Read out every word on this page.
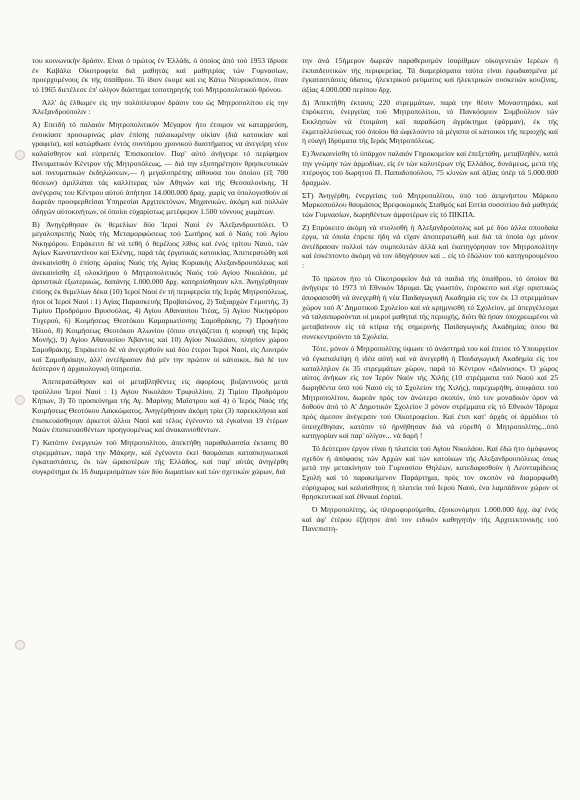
του κοινωνικήν δράσιν. Είναι ό πρώτος έν Έλλάδι, ό όποίος άπό τού 1953 ϊδρυσε έν Καβάλα Οίκοτροφεία διά μαθητάς καί μαθητρίας τών Γυμνασίων, προερχομένους έκ τής ύπαίθρου. Τό ίδιον έκομε καί εις Κάτω Νευροκόπιον, όταν τό 1965 διετέλεσε έπ' ολίγον διάστημα τοποτηρητής τού Μητροπολιτικού θρόνου.

Άλλ' άς έλθωμεν είς την πολύπλευρον δράσιν του ώς Μητροπολίτου είς την Άλεξανδρούπολιν :

Α) Επειδή τό παλαιόν Μητροπολιτικόν Μέγαρον ήτο έτοιμον να καταρρεύση, ένοικίασε προσωρινώς μίαν έπίσης παλαιωμένην οίκίαν (διά κατοικίαν καί γραφεία), καί κατώρθωσε έντός συντόμου χρονικού διαστήματος να άνεγείρη νέον καλαίσθητον καί εύπρεπές Έπισκοπείον. Παρ' αύτό άνήγειρε τό περίφημον Πνευματικόν Κέντρον τής Μητροπόλεως, — διά την εξυπηρέτησιν θρησκευτικών καί πνευματικών έκδηλώσεων,— ή μεγαλοπρέπης αίθουσα του όποίου (έξ 700 θέσεων) άμιλλάται τάς καλλίτερας τών Αθηνών καί τής Θεσσαλονίκης. Ή άνέγερσις του Κέντρου αύτού άπήτησε 14.000.000 δραχ. χωρίς να ύπολογισθούν αί δωρεάν προσφερθείσαι Υπηρεσίαι Αρχιτεκτόνων, Μηχανικών, άκόμη καί πολλών όδηγών αύτοκινήτων, οί όποίοι εύχαρίστως μετέφερον 1.500 τόννους χωμάτων.

Β) Άνηγέρθησαν έκ θεμελίων δύο Ίεροί Ναοί έν Άλεξανδρουπόλει. Ό μεγαλοπρεπής Ναός τής Μεταμορφώσεως τού Σωτήρος καί ό Ναός τού Αγίου Νικηφόρου. Επράκειτο δέ νά τεθή ό θεμέλιος λίθος καί ένός τρίτου Ναού, τών Αγίων Κωνσταντίνου καί Ελένης, παρά τάς έργατικάς κατοικίας. Άπεπερατώθη καί άνεκαινίσθη ό έπίσης ώραίος Ναός τής Αγίας Κυριακής Αλεξανδρουπόλεως καί άνεκαινίσθη έξ ολοκλήρου ό Μητροπολιτικός Ναός τού Αγίου Νικολάου, μέ άρτιστικά έξωτερικώς, δαπάνης 1.000.000 δρχ. κατηρτίσθησαν κλπ. Άνηγέρθησαν έπίσης έκ θεμελίων δέκα (10) Ίεροί Ναοί έν τή περιφερεία τής Ιεράς Μητροπόλεως, ήτοι οί Ίεροί Ναοί : 1) Αγίας Παρασκευής Προβατώνος, 2) Ταξιαρχών Γεμιστής, 3) Τιμίου Προδρόμου Βρυσούλας, 4) Αγίου Αθανασίου Ίτέας, 5) Αγίου Νικηφόρου Τυχερού, 6) Κοιμήσεως Θεοτόκου Καμαριωτίσσης Σαμοθράκης, 7) Προφήτου Ήλιού, 8) Κοιμήσεως Θεοτόκου Αλωνίου (όπου στεγάζεται ή κορυφή της Ιεράς Μονής), 9) Αγίου Αθανασίου Άβαντος καί 10) Αγίου Νικολάου, πλησίον χώρου Σαμοθράκης. Επράκειτο δέ νά άνεγερθούν καί δύο έτεροι Ίεροί Ναοί, είς Λουτρόν καί Σαμοθράκην, άλλ' άντέδρασαν διά μέν την πρώτον οί κάτοικοι, διά δέ τον δεύτερον ή άρχαιολογική ύπηρεσία.

Άπεπερατώθησαν καί οί μεταβληθέντες είς άφορίους βυζαντινούς μετά τρούλλου Ίεροί Ναοί : 1) Αγίου Νικολάου Τριφυλλίου, 2) Τιμίου Προδρόμου Κήπων, 3) Τό προσκύνημα τής Αγ. Μαρίνης Μαΐστρου καί 4) ό Ίερός Ναός τής Κοιμήσεως Θεοτόκου Λακκώματος. Άνηγέρθησαν άκόμη τρία (3) παρεκκλήσια καί έπισκευάσθησαν άρκετοί άλλοι Ναοί καί τέλος έγένοντο τά έγκαίνια 19 έτέρων Ναών έπισκευασθέντων προηγουμένως καί άνακαινισθέντων.

Γ) Κατόπιν ένεργειών τού Μητροπολίτου, άπεκτήθη παραθαλασσία έκτασις 80 στρεμμάτων, παρά την Μάκρην, καί έγένοντο έκεί θαυμάσιαι κατασκηνωτικαί έγκαταστάσεις, έκ τών ώραιοτέρων τής Ελλάδος, καί παρ' αύτάς άνηγέρθη συγκρότημα έκ 16 διαμερισμάτων τών δύο δωματίων καί τών σχετικών χώρων, διά

την άνά 15ήμερον δωρεάν παραθερισμόν ίσαρίθμων οίκογενειών Ιερέων ή έκπαιδευτικών τής περιφερείας. Τά διαμερίσματα ταύτα είναι έφωδιασμένα μέ έγκαταστάσεις ύδατος, ήλεκτρικού ρεύματος καί ήλεκτρικών συσκευών κουζίνας, άξίας 4.000.000 περίπου δρχ.

Δ) Άπεκτήθη έκτασις 220 στρεμμάτων, παρά την θέσιν Μοναστηράκι, καί έπρόκειτο, ένεργείας τού Μητροπολίτου, τό Πανκόσμιον Συμβούλιον τών Εκκλησιών νά έτοιμάση καί παραδώση άγρόκτημα (φάρμαν), έκ τής έκμεταλλεύσεως τού όποίου θά ώφελούντο τά μέγιστα οί κάτοικοι τής περιοχής καί ή εύαγή Ιδρύματα τής Ιεράς Μητροπόλεως.

Ε) Άνεκαινίσθη τό ύπάρχον παλαιόν Γηροκομείον καί έπεξετάθη, μεταβληθέν, κατά την γνώμην τών άρμοδίων, είς έν τών καλυτέρων τής Ελλάδος, δυνάμεως, μετά τής πτέρυγος τού δωρητού Π. Παπαδοπούλου, 75 κλινών καί άξίας ύπέρ τά 5.000.000 δραχμών.

ΣΤ) Άνηγέρθη, ένεργείαις τού Μητροπολίτου, ύπό τού άειμνήστου Μάρκου Μαρκοπούλου θαυμάσιος Βρεφοκομικός Σταθμός καί Εστία συσσιτίου διά μαθητάς τών Γυμνασίων, δωρηθέντων άμφοτέρων είς τό ΠΙΚΠΑ.

Ζ) Επρόκειτο άκόμη νά στολισθή ή Αλεξανδρούπολις καί μέ δύο άλλα σπουδαία έργα, τά όποία έπρεπε ήδη νά είχαν άποπερατωθή καί διά τά όποία όχι μόνον άντέδρασαν πολλοί τών συμπολιτών άλλά καί έκατηγόρησαν τον Μητροπολίτην καί έσκέπτοντο άκόμη νά τον όδηγήσουν καί .. είς τό έδώλιον τού κατηγορουμένου :

Τό πρώτον ήτο τό Οίκοτροφείον διά τά παιδιά τής ύπαίθρου, τό όποίον θά άνήγειρε τό 1973 τό Εθνικόν Ίδρυμα. Ώς γνωστόν, έπρόκειτο καί είχε οριστικώς άποφασισθή νά άνεγερθή ή νέα Παιδαγωγική Ακαδημία είς τον έκ 13 στρεμμάτων χώρον τού Α' Δημοτικού Σχολείου καί νά κρημνισθή τό Σχολείον, μέ άπεργέλεσμα νά ταλαιπωρούνται οί μικροί μαθηταί τής περιοχής, διότι θά ήσαν ύποχρεωμένοι νά μεταβαίνουν είς τά κτίρια τής σημερινής Παιδαγωγικής Ακαδημίας όπου θά συνεκεντρούντο τά Σχολεία.

Τότε, μόνον ό Μητροπολίτης ύψωσε τό άνάστημά του καί έπεισε τό Υπουργείον νά έγκαταλείψη ή ιδέα αύτή καί νά άνεγερθή ή Παιδαγωγική Ακαδημία είς τον καταλληλον έκ 35 στρεμμάτων χώρον, παρά τό Κέντρον «Διόνυσος». Ό χώρος αύτος άνήκων είς τον Ίερόν Ναόν τής Χιλής (10 στρέμματα τού Ναού καί 25 δωρηθέντα ύπό τού Ναού είς τό Σχολείον τής Χιλής), παρεχωρήθη, άποφάσει τού Μητροπολίτου, δωρεάν πρός τον άνώτερο σκοπόν, ύπό τον μοναδικόν όρον νά δοθούν άπό τό Α' Δημοτικόν Σχολείον 3 μόνον στρέμματα είς τό Εθνικόν Ίδρυμα πρός άμεσον άνέγερσιν τού Οίκοτροφείου. Καί έτσι κατ' άρχάς οί άρμόδιοι τό ύπεσχέθησαν, κατόπιν τό ήρνήθησαν διά νά εύρεθή ό Μητροπολίτης...ύπό κατηγορίαν καί παρ' ολίγον... νά δαρή !

Τό δεύτερον έργον είναι ή πλατεία τού Αγίου Νικολάου. Καί έδώ ήτο όμόφωνος σχεδόν ή άπόφασις τών Αρχών καί τών κατοίκων τής Αλεξανδρουπόλεως όπως μετά την μετακίνησιν τού Γυμνασίου Θηλέων, κατεδαφισθούν ή Λεονταρίδειος Σχολή καί τό παρακείμενον Παράρτημα, πρός τον σκοπόν νά διαμορφωθή εύρύχωρος καί καλαίσθητος ή πλατεία τού Ιερού Ναού, ένα λαμπάδινον χώρον οί θρησκευτικαί καί έθνικαί έορταί.

Ό Μητροπολίτης, ώς πληροφορούμεθα, έξοικονόμησε 1.000.000 δρχ. άφ' ένός καί άφ' έτέρου έζήτησε άπό τον ειδικόν καθηγητήν τής Αρχιτεκτονικής τού Πανεπιστη-
